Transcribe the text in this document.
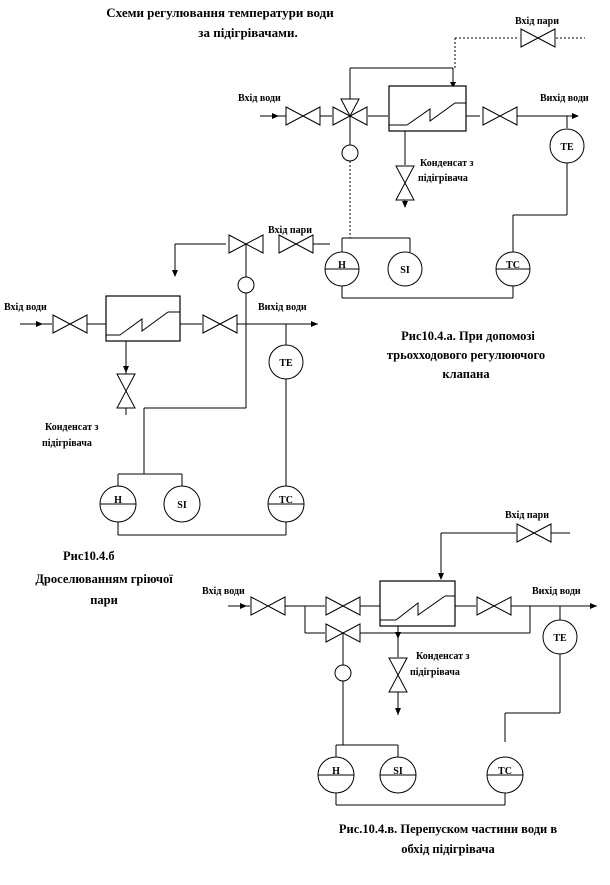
Схеми регулювання температури води
за підігрівачами.
TE
H	SI	TC
Вхід води	Вихід води
Вхід пари
Конденсат з
підігрівача
Рис10.4.а. При допомозі
трьохходового регулюючого
клапана
TE
H	SI	TC
Вхід води	Вихід води
Вхід пари
Конденсат з
підігрівача
Рис10.4.б
Дроселюванням гріючої
пари
TE
H	SI	TC
Вхід води	Вихід води
Вхід пари
Конденсат з
підігрівача
Рис.10.4.в. Перепуском частини води в
обхід підігрівача
